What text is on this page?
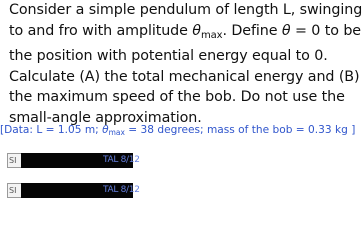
Consider a simple pendulum of length L, swinging
to and fro with amplitude $\theta_{max}$. Define θ = 0 to be
the position with potential energy equal to 0.
Calculate (A) the total mechanical energy and (B)
the maximum speed of the bob. Do not use the
small-angle approximation.
[Data: L = 1.05 m; $\theta_{max} = 38$ degrees; mass of the bob = 0.33 kg ]
SI	TAL 8/12
SI	TAL 8/12
